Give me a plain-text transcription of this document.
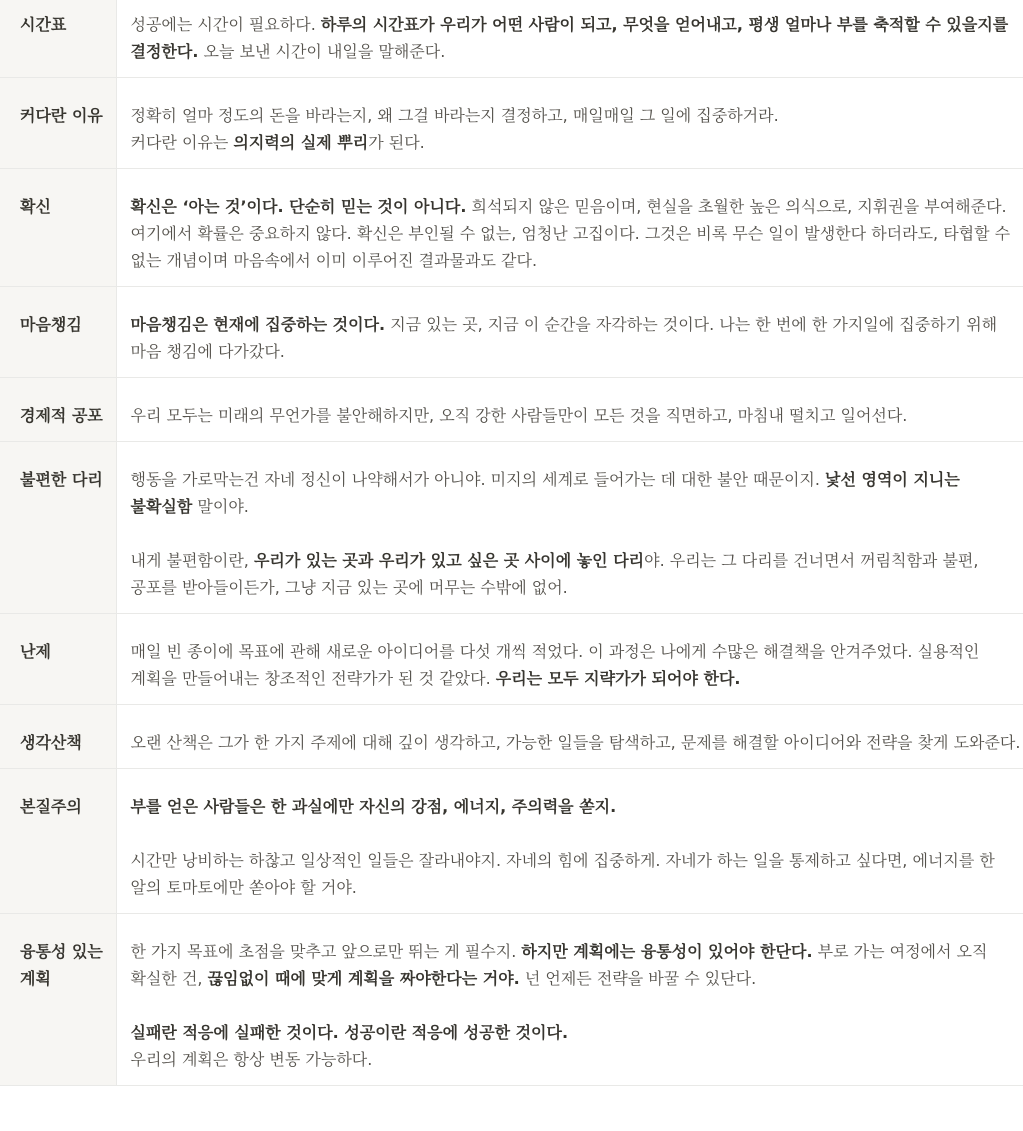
시간표	성공에는 시간이 필요하다. 하루의 시간표가 우리가 어떤 사람이 되고, 무엇을 얻어내고, 평생 얼마나 부를 축적할 수 있을지를 결정한다. 오늘 보낸 시간이 내일을 말해준다.

커다란 이유	정확히 얼마 정도의 돈을 바라는지, 왜 그걸 바라는지 결정하고, 매일매일 그 일에 집중하거라.
커다란 이유는 의지력의 실제 뿌리가 된다.

확신	확신은 ‘아는 것’이다. 단순히 믿는 것이 아니다. 희석되지 않은 믿음이며, 현실을 초월한 높은 의식으로, 지휘권을 부여해준다. 여기에서 확률은 중요하지 않다. 확신은 부인될 수 없는, 엄청난 고집이다. 그것은 비록 무슨 일이 발생한다 하더라도, 타협할 수 없는 개념이며 마음속에서 이미 이루어진 결과물과도 같다.

마음챙김	마음챙김은 현재에 집중하는 것이다. 지금 있는 곳, 지금 이 순간을 자각하는 것이다. 나는 한 번에 한 가지일에 집중하기 위해 마음 챙김에 다가갔다.

경제적 공포	우리 모두는 미래의 무언가를 불안해하지만, 오직 강한 사람들만이 모든 것을 직면하고, 마침내 떨치고 일어선다.

불편한 다리	행동을 가로막는건 자네 정신이 나약해서가 아니야. 미지의 세계로 들어가는 데 대한 불안 때문이지. 낯선 영역이 지니는 불확실함 말이야.
내게 불편함이란, 우리가 있는 곳과 우리가 있고 싶은 곳 사이에 놓인 다리야. 우리는 그 다리를 건너면서 꺼림칙함과 불편, 공포를 받아들이든가, 그냥 지금 있는 곳에 머무는 수밖에 없어.

난제	매일 빈 종이에 목표에 관해 새로운 아이디어를 다섯 개씩 적었다. 이 과정은 나에게 수많은 해결책을 안겨주었다. 실용적인 계획을 만들어내는 창조적인 전략가가 된 것 같았다. 우리는 모두 지략가가 되어야 한다.

생각산책	오랜 산책은 그가 한 가지 주제에 대해 깊이 생각하고, 가능한 일들을 탐색하고, 문제를 해결할 아이디어와 전략을 찾게 도와준다.

본질주의	부를 얻은 사람들은 한 과실에만 자신의 강점, 에너지, 주의력을 쏟지.
시간만 낭비하는 하찮고 일상적인 일들은 잘라내야지. 자네의 힘에 집중하게. 자네가 하는 일을 통제하고 싶다면, 에너지를 한 알의 토마토에만 쏟아야 할 거야.

융통성 있는 계획	한 가지 목표에 초점을 맞추고 앞으로만 뛰는 게 필수지. 하지만 계획에는 융통성이 있어야 한단다. 부로 가는 여정에서 오직 확실한 건, 끊임없이 때에 맞게 계획을 짜야한다는 거야. 넌 언제든 전략을 바꿀 수 있단다.
실패란 적응에 실패한 것이다. 성공이란 적응에 성공한 것이다.
우리의 계획은 항상 변동 가능하다.
